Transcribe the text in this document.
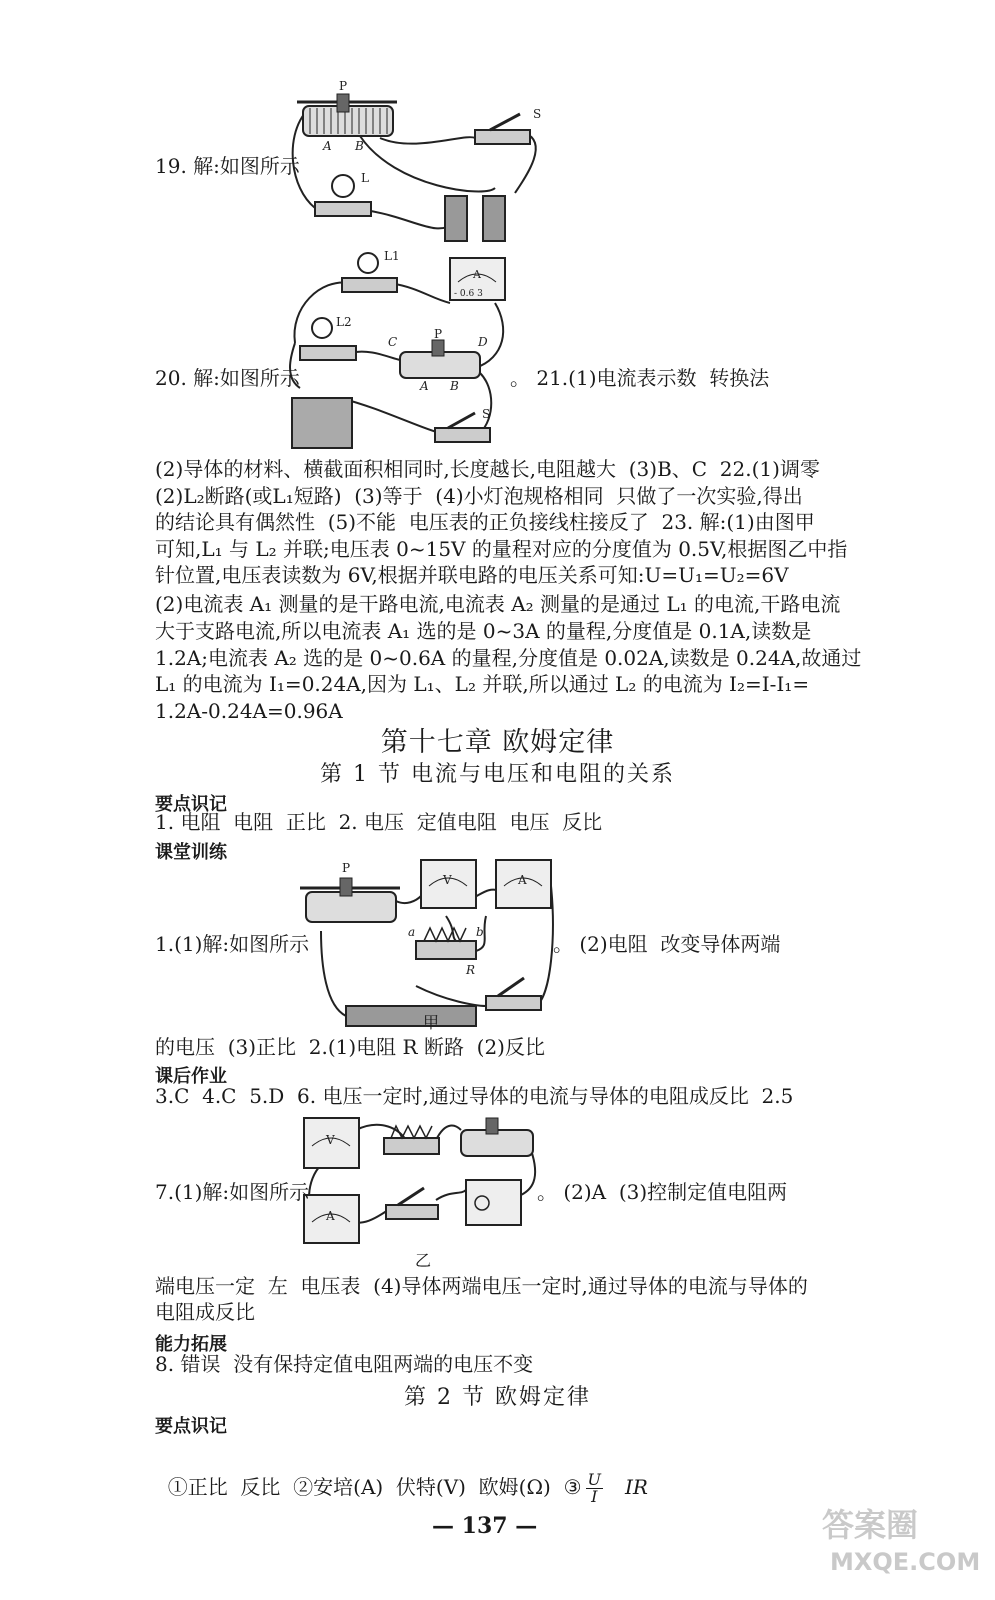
P
A B
S
L
19. 解:如图所示
L1
A
- 0.6 3
L2
P
C	D
A B
S
20. 解:如图所示	。 21.(1)电流表示数  转换法
(2)导体的材料、横截面积相同时,长度越长,电阻越大  (3)B、C  22.(1)调零
(2)L₂断路(或L₁短路)  (3)等于  (4)小灯泡规格相同  只做了一次实验,得出
的结论具有偶然性  (5)不能  电压表的正负接线柱接反了  23. 解:(1)由图甲
可知,L₁ 与 L₂ 并联;电压表 0~15V 的量程对应的分度值为 0.5V,根据图乙中指
针位置,电压表读数为 6V,根据并联电路的电压关系可知:U=U₁=U₂=6V
(2)电流表 A₁ 测量的是干路电流,电流表 A₂ 测量的是通过 L₁ 的电流,干路电流
大于支路电流,所以电流表 A₁ 选的是 0~3A 的量程,分度值是 0.1A,读数是
1.2A;电流表 A₂ 选的是 0~0.6A 的量程,分度值是 0.02A,读数是 0.24A,故通过
L₁ 的电流为 I₁=0.24A,因为 L₁、L₂ 并联,所以通过 L₂ 的电流为 I₂=I-I₁=
1.2A-0.24A=0.96A
第十七章 欧姆定律
第 1 节 电流与电压和电阻的关系
要点识记
1. 电阻  电阻  正比  2. 电压  定值电阻  电压  反比
课堂训练
P
V	A
a	b
R
1.(1)解:如图所示	。 (2)电阻  改变导体两端
甲
的电压  (3)正比  2.(1)电阻 R 断路  (2)反比
课后作业
3.C  4.C  5.D  6. 电压一定时,通过导体的电流与导体的电阻成反比  2.5
V
A
7.(1)解:如图所示	。 (2)A  (3)控制定值电阻两
乙
端电压一定  左  电压表  (4)导体两端电压一定时,通过导体的电流与导体的
电阻成反比
能力拓展
8. 错误  没有保持定值电阻两端的电压不变
第 2 节 欧姆定律
要点识记

①正比  反比  ②安培(A)  伏特(V)  欧姆(Ω)  ③ $\frac{U}{I}$ IR

— 137 —	答案圈
MXQE.COM
